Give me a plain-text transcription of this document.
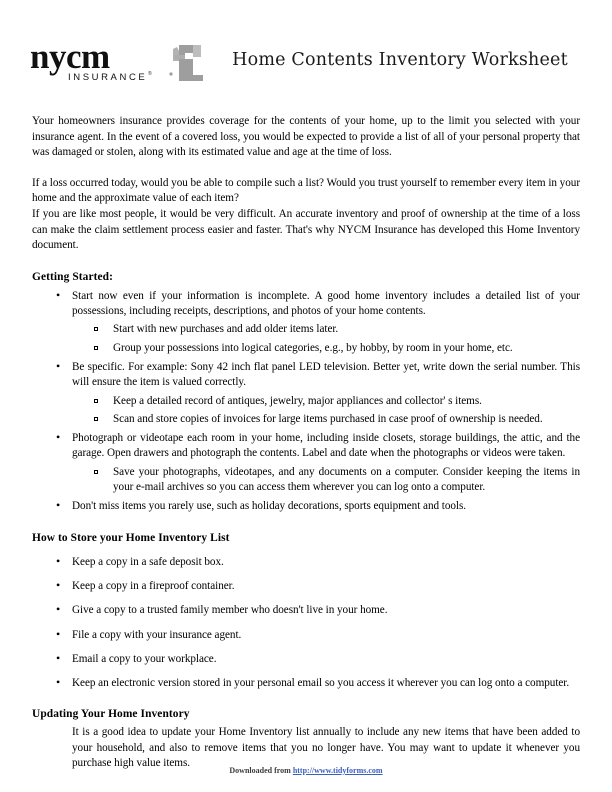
nycm
INSURANCE ®
Home Contents Inventory Worksheet

Your homeowners insurance provides coverage for the contents of your home, up to the limit you selected with your insurance agent. In the event of a covered loss, you would be expected to provide a list of all of your personal property that was damaged or stolen, along with its estimated value and age at the time of loss.

If a loss occurred today, would you be able to compile such a list? Would you trust yourself to remember every item in your home and the approximate value of each item?

If you are like most people, it would be very difficult. An accurate inventory and proof of ownership at the time of a loss can make the claim settlement process easier and faster. That's why NYCM Insurance has developed this Home Inventory document.

Getting Started:
• Start now even if your information is incomplete. A good home inventory includes a detailed list of your possessions, including receipts, descriptions, and photos of your home contents.
Start with new purchases and add older items later.
Group your possessions into logical categories, e.g., by hobby, by room in your home, etc.
• Be specific. For example: Sony 42 inch flat panel LED television. Better yet, write down the serial number. This will ensure the item is valued correctly.
Keep a detailed record of antiques, jewelry, major appliances and collector' s items.
Scan and store copies of invoices for large items purchased in case proof of ownership is needed.
• Photograph or videotape each room in your home, including inside closets, storage buildings, the attic, and the garage. Open drawers and photograph the contents. Label and date when the photographs or videos were taken.
Save your photographs, videotapes, and any documents on a computer. Consider keeping the items in your e-mail archives so you can access them wherever you can log onto a computer.
• Don't miss items you rarely use, such as holiday decorations, sports equipment and tools.
How to Store your Home Inventory List
• Keep a copy in a safe deposit box.
• Keep a copy in a fireproof container.
• Give a copy to a trusted family member who doesn't live in your home.
• File a copy with your insurance agent.
• Email a copy to your workplace.
• Keep an electronic version stored in your personal email so you access it wherever you can log onto a computer.
Updating Your Home Inventory

It is a good idea to update your Home Inventory list annually to include any new items that have been added to your household, and also to remove items that you no longer have. You may want to update it whenever you purchase high value items.

Downloaded from http://www.tidyforms.com
